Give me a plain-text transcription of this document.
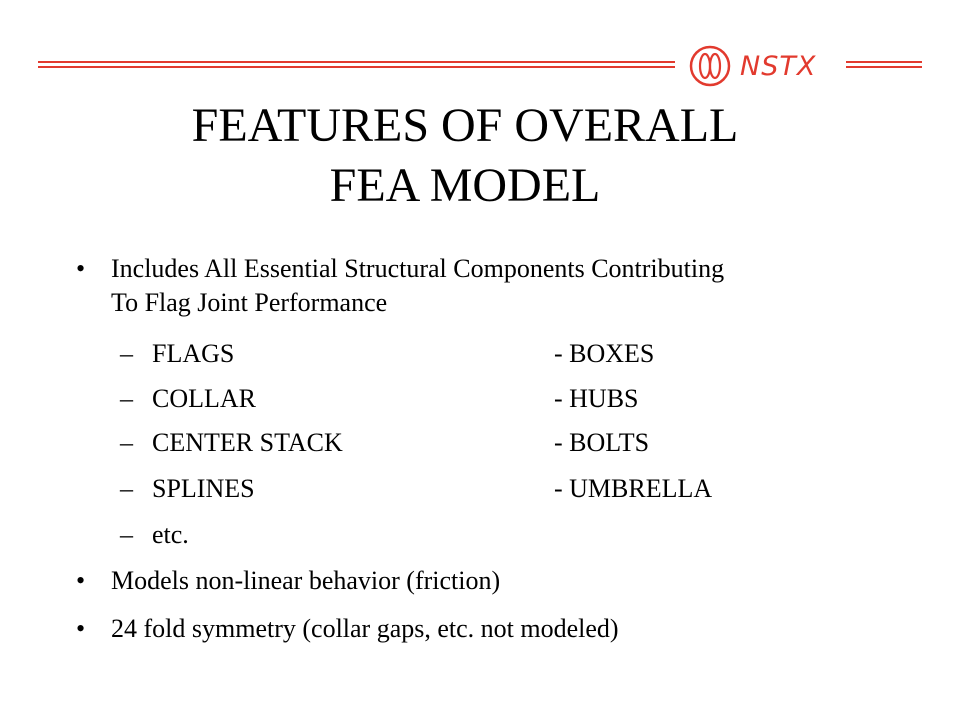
NSTX
FEATURES OF OVERALL
FEA MODEL
• Includes All Essential Structural Components Contributing
To Flag Joint Performance
– FLAGS	- BOXES
– COLLAR	- HUBS
– CENTER STACK	- BOLTS
– SPLINES	- UMBRELLA
– etc.
• Models non-linear behavior (friction)
• 24 fold symmetry (collar gaps, etc. not modeled)
